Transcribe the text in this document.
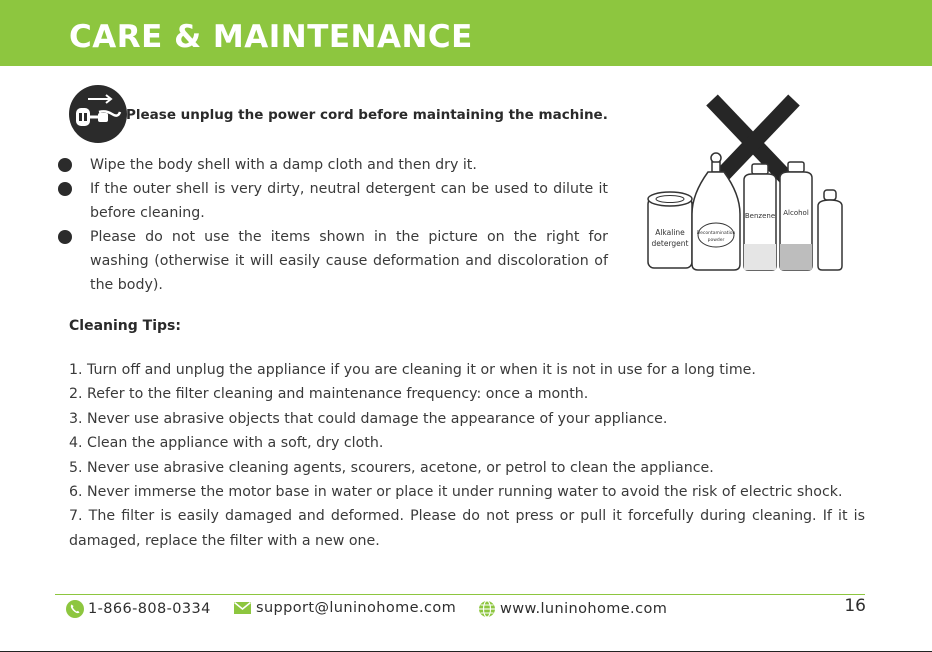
CARE & MAINTENANCE
Please unplug the power cord before maintaining the machine.
Wipe the body shell with a damp cloth and then dry it.
If the outer shell is very dirty, neutral detergent can be used to dilute it before cleaning.
Please do not use the items shown in the picture on the right for washing (otherwise it will easily cause deformation and discoloration of the body).
Alkaline
detergent
Decontamination
powder
Benzene Alcohol
Cleaning Tips:
1. Turn off and unplug the appliance if you are cleaning it or when it is not in use for a long time.
2. Refer to the filter cleaning and maintenance frequency: once a month.
3. Never use abrasive objects that could damage the appearance of your appliance.
4. Clean the appliance with a soft, dry cloth.
5. Never use abrasive cleaning agents, scourers, acetone, or petrol to clean the appliance.
6. Never immerse the motor base in water or place it under running water to avoid the risk of electric shock.
7. The filter is easily damaged and deformed. Please do not press or pull it forcefully during cleaning. If it is damaged, replace the filter with a new one.
1-866-808-0334	support@luninohome.com	www.luninohome.com	16
